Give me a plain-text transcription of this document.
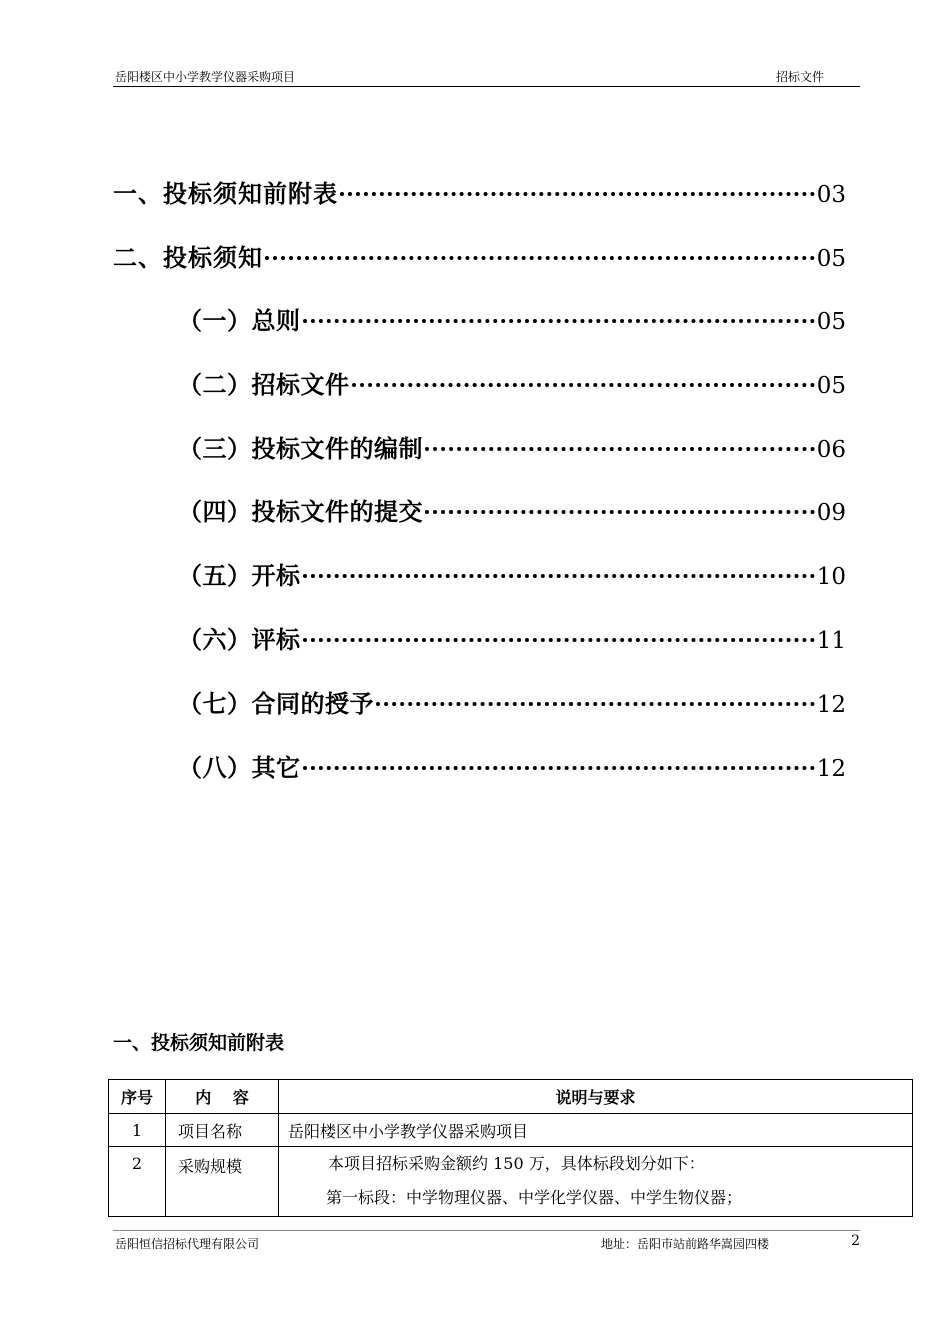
岳阳楼区中小学教学仪器采购项目	招标文件
一、投标须知前附表	03
二、投标须知	05
（一）总则	05
（二）招标文件	05
（三）投标文件的编制	06
（四）投标文件的提交	09
（五）开标	10
（六）评标	11
（七）合同的授予	12
（八）其它	12
一、投标须知前附表
序号	内　 容	说明与要求
1	项目名称	岳阳楼区中小学教学仪器采购项目
2	采购规模	本项目招标采购金额约 150 万，具体标段划分如下：
第一标段：中学物理仪器、中学化学仪器、中学生物仪器；
岳阳恒信招标代理有限公司	地址：岳阳市站前路华嵩园四楼	2
